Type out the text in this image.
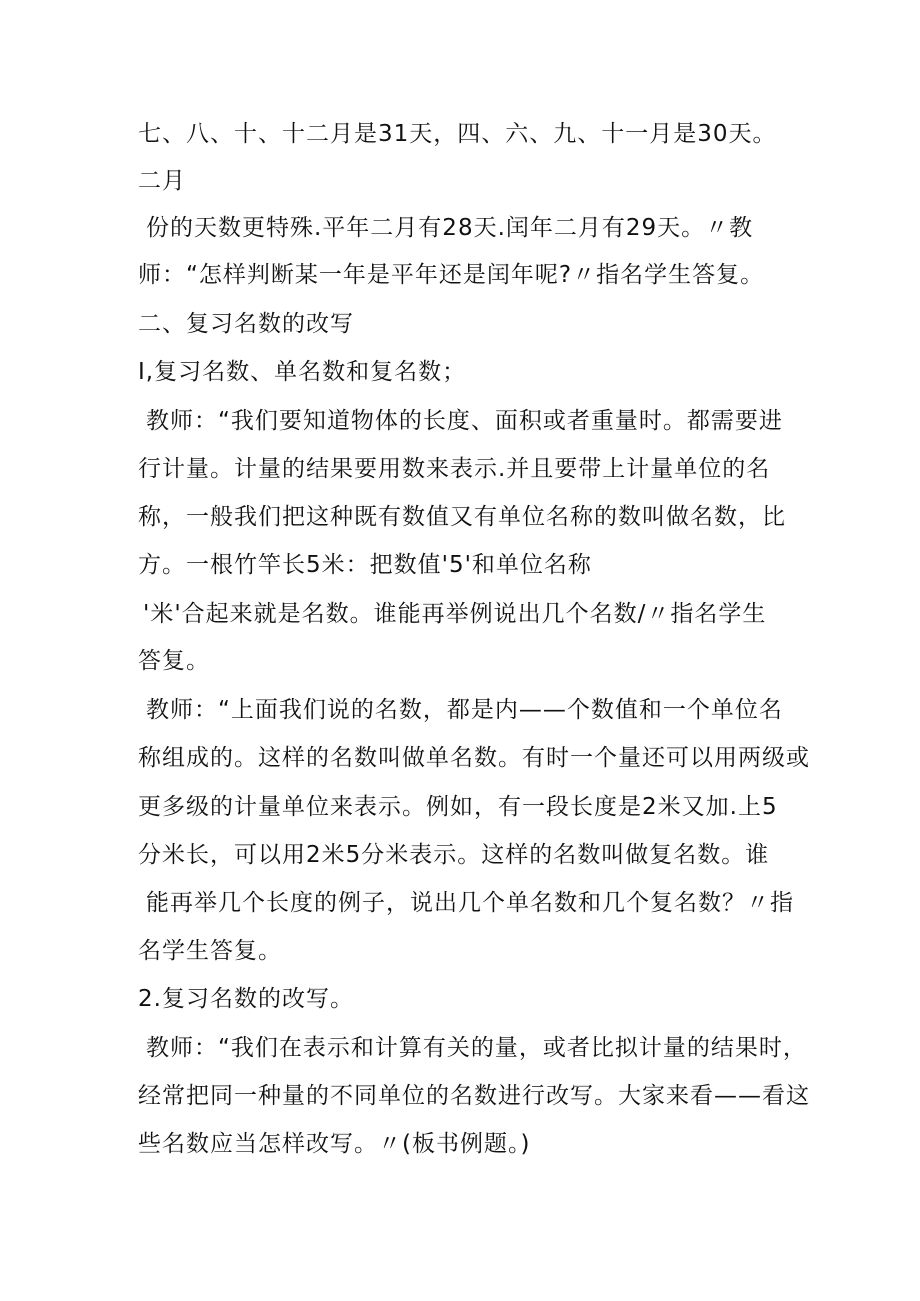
七、八、十、十二月是31天，四、六、九、十一月是30天。
二月
份的天数更特殊.平年二月有28天.闰年二月有29天。〃教
师：“怎样判断某一年是平年还是闰年呢?〃指名学生答复。
二、复习名数的改写
I,复习名数、单名数和复名数；
教师：“我们要知道物体的长度、面积或者重量时。都需要进
行计量。计量的结果要用数来表示.并且要带上计量单位的名
称，一般我们把这种既有数值又有单位名称的数叫做名数，比
方。一根竹竿长5米：把数值'5'和单位名称
'米'合起来就是名数。谁能再举例说出几个名数/〃指名学生
答复。
教师：“上面我们说的名数，都是内——个数值和一个单位名
称组成的。这样的名数叫做单名数。有时一个量还可以用两级或
更多级的计量单位来表示。例如，有一段长度是2米又加.上5
分米长，可以用2米5分米表示。这样的名数叫做复名数。谁
能再举几个长度的例子，说出几个单名数和几个复名数？〃指
名学生答复。
2.复习名数的改写。
教师：“我们在表示和计算有关的量，或者比拟计量的结果时，
经常把同一种量的不同单位的名数进行改写。大家来看——看这
些名数应当怎样改写。〃(板书例题。)
